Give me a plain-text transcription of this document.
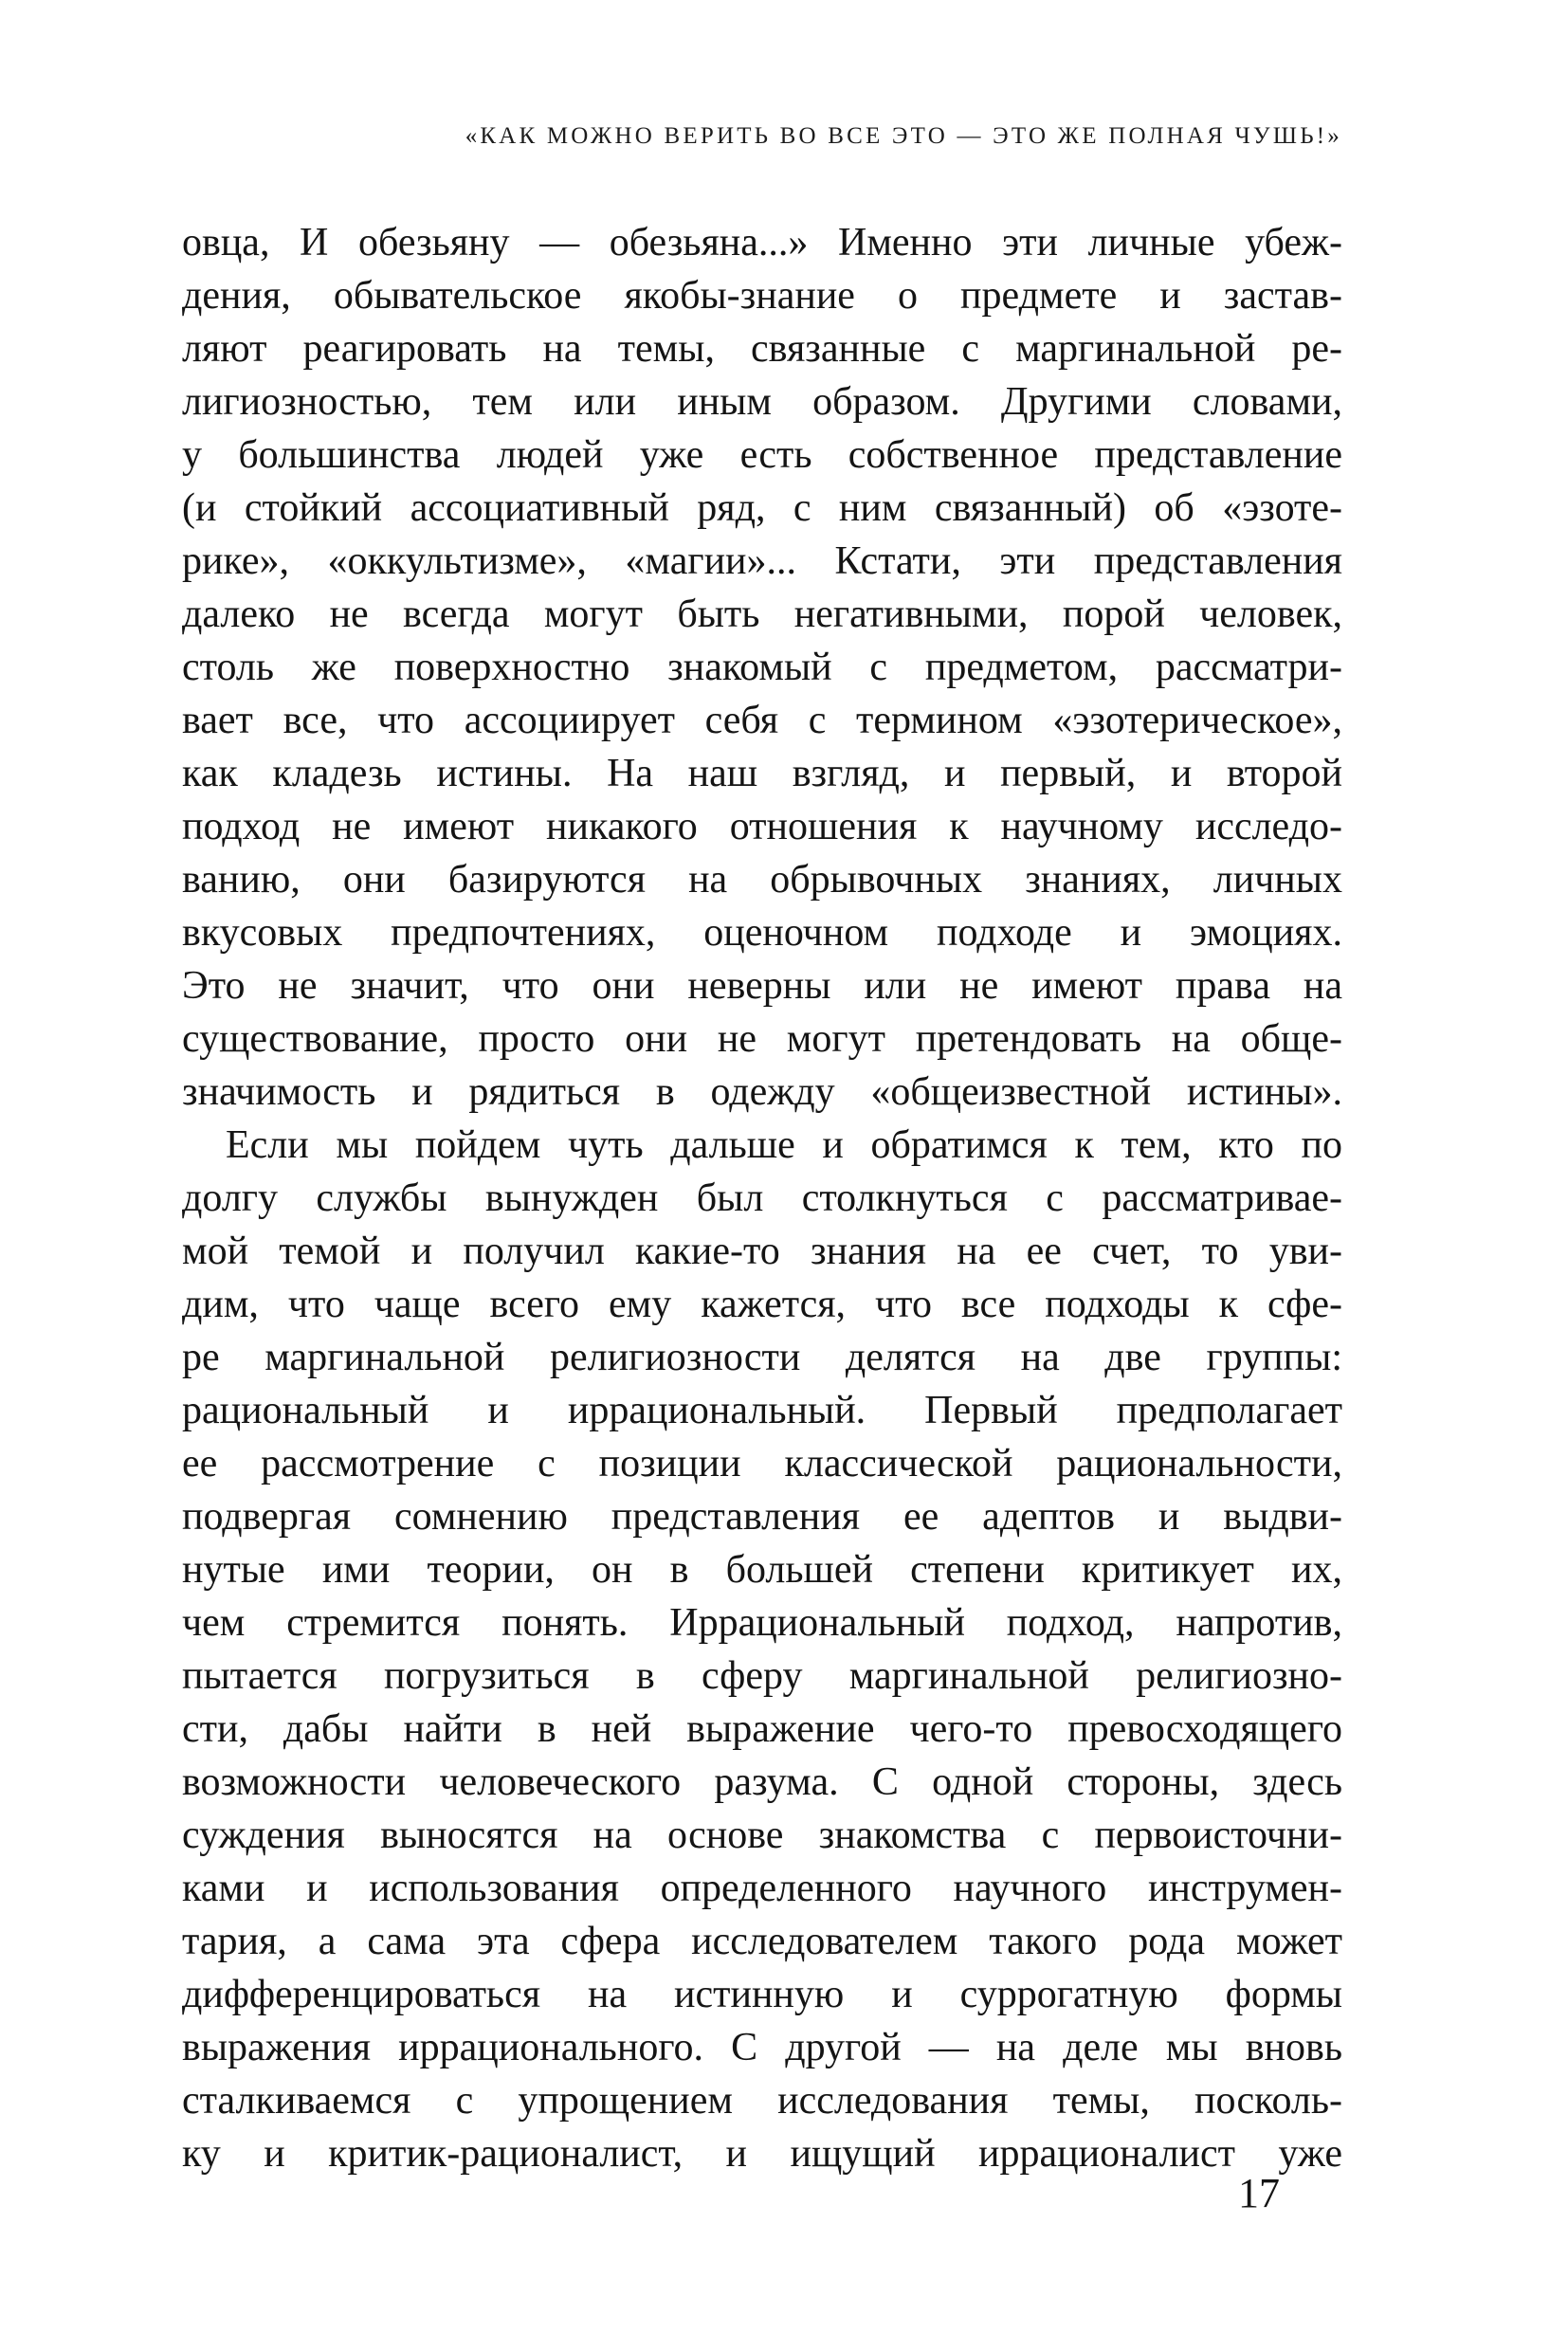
«КАК МОЖНО ВЕРИТЬ ВО ВСЕ ЭТО — ЭТО ЖЕ ПОЛНАЯ ЧУШЬ!»
овца, И обезьяну — обезьяна...» Именно эти личные убеж-
дения, обывательское якобы-знание о предмете и застав-
ляют реагировать на темы, связанные с маргинальной ре-
лигиозностью, тем или иным образом. Другими словами,
у большинства людей уже есть собственное представление
(и стойкий ассоциативный ряд, с ним связанный) об «эзоте-
рике», «оккультизме», «магии»... Кстати, эти представления
далеко не всегда могут быть негативными, порой человек,
столь же поверхностно знакомый с предметом, рассматри-
вает все, что ассоциирует себя с термином «эзотерическое»,
как кладезь истины. На наш взгляд, и первый, и второй
подход не имеют никакого отношения к научному исследо-
ванию, они базируются на обрывочных знаниях, личных
вкусовых предпочтениях, оценочном подходе и эмоциях.
Это не значит, что они неверны или не имеют права на
существование, просто они не могут претендовать на обще-
значимость и рядиться в одежду «общеизвестной истины».
Если мы пойдем чуть дальше и обратимся к тем, кто по
долгу службы вынужден был столкнуться с рассматривае-
мой темой и получил какие-то знания на ее счет, то уви-
дим, что чаще всего ему кажется, что все подходы к сфе-
ре маргинальной религиозности делятся на две группы:
рациональный и иррациональный. Первый предполагает
ее рассмотрение с позиции классической рациональности,
подвергая сомнению представления ее адептов и выдви-
нутые ими теории, он в большей степени критикует их,
чем стремится понять. Иррациональный подход, напротив,
пытается погрузиться в сферу маргинальной религиозно-
сти, дабы найти в ней выражение чего-то превосходящего
возможности человеческого разума. С одной стороны, здесь
суждения выносятся на основе знакомства с первоисточни-
ками и использования определенного научного инструмен-
тария, а сама эта сфера исследователем такого рода может
дифференцироваться на истинную и суррогатную формы
выражения иррационального. С другой — на деле мы вновь
сталкиваемся с упрощением исследования темы, посколь-
ку и критик-рационалист, и ищущий иррационалист уже
17
